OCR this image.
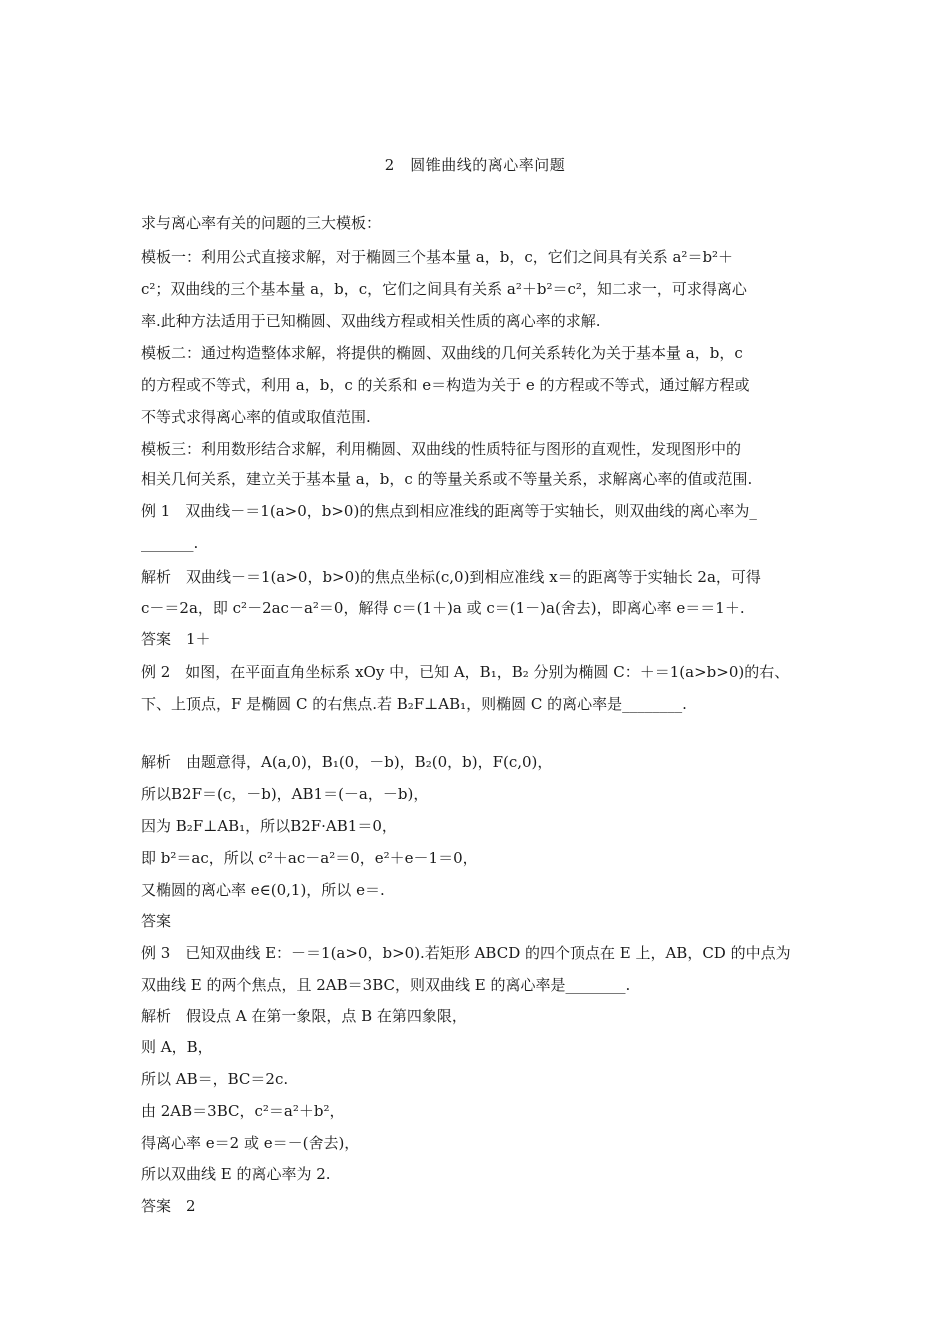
2　圆锥曲线的离心率问题
求与离心率有关的问题的三大模板：
模板一：利用公式直接求解，对于椭圆三个基本量 a，b，c，它们之间具有关系 a²＝b²＋
c²；双曲线的三个基本量 a，b，c，它们之间具有关系 a²＋b²＝c²，知二求一，可求得离心
率.此种方法适用于已知椭圆、双曲线方程或相关性质的离心率的求解.
模板二：通过构造整体求解，将提供的椭圆、双曲线的几何关系转化为关于基本量 a，b，c
的方程或不等式，利用 a，b，c 的关系和 e＝构造为关于 e 的方程或不等式，通过解方程或
不等式求得离心率的值或取值范围.
模板三：利用数形结合求解，利用椭圆、双曲线的性质特征与图形的直观性，发现图形中的
相关几何关系，建立关于基本量 a，b，c 的等量关系或不等量关系，求解离心率的值或范围.
例 1　双曲线－＝1(a>0，b>0)的焦点到相应准线的距离等于实轴长，则双曲线的离心率为_
_______.
解析　双曲线－＝1(a>0，b>0)的焦点坐标(c,0)到相应准线 x＝的距离等于实轴长 2a，可得
c－＝2a，即 c²－2ac－a²＝0，解得 c＝(1＋)a 或 c＝(1－)a(舍去)，即离心率 e＝＝1＋.
答案　1＋
例 2　如图，在平面直角坐标系 xOy 中，已知 A，B₁，B₂ 分别为椭圆 C：＋＝1(a>b>0)的右、
下、上顶点，F 是椭圆 C 的右焦点.若 B₂F⊥AB₁，则椭圆 C 的离心率是________.
解析　由题意得，A(a,0)，B₁(0，－b)，B₂(0，b)，F(c,0)，
所以B2F＝(c，－b)，AB1＝(－a，－b)，
因为 B₂F⊥AB₁，所以B2F·AB1＝0，
即 b²＝ac，所以 c²＋ac－a²＝0，e²＋e－1＝0，
又椭圆的离心率 e∈(0,1)，所以 e＝.
答案
例 3　已知双曲线 E：－＝1(a>0，b>0).若矩形 ABCD 的四个顶点在 E 上，AB，CD 的中点为
双曲线 E 的两个焦点，且 2AB＝3BC，则双曲线 E 的离心率是________.
解析　假设点 A 在第一象限，点 B 在第四象限，
则 A，B，
所以 AB＝，BC＝2c.
由 2AB＝3BC，c²＝a²＋b²，
得离心率 e＝2 或 e＝－(舍去)，
所以双曲线 E 的离心率为 2.
答案　2
